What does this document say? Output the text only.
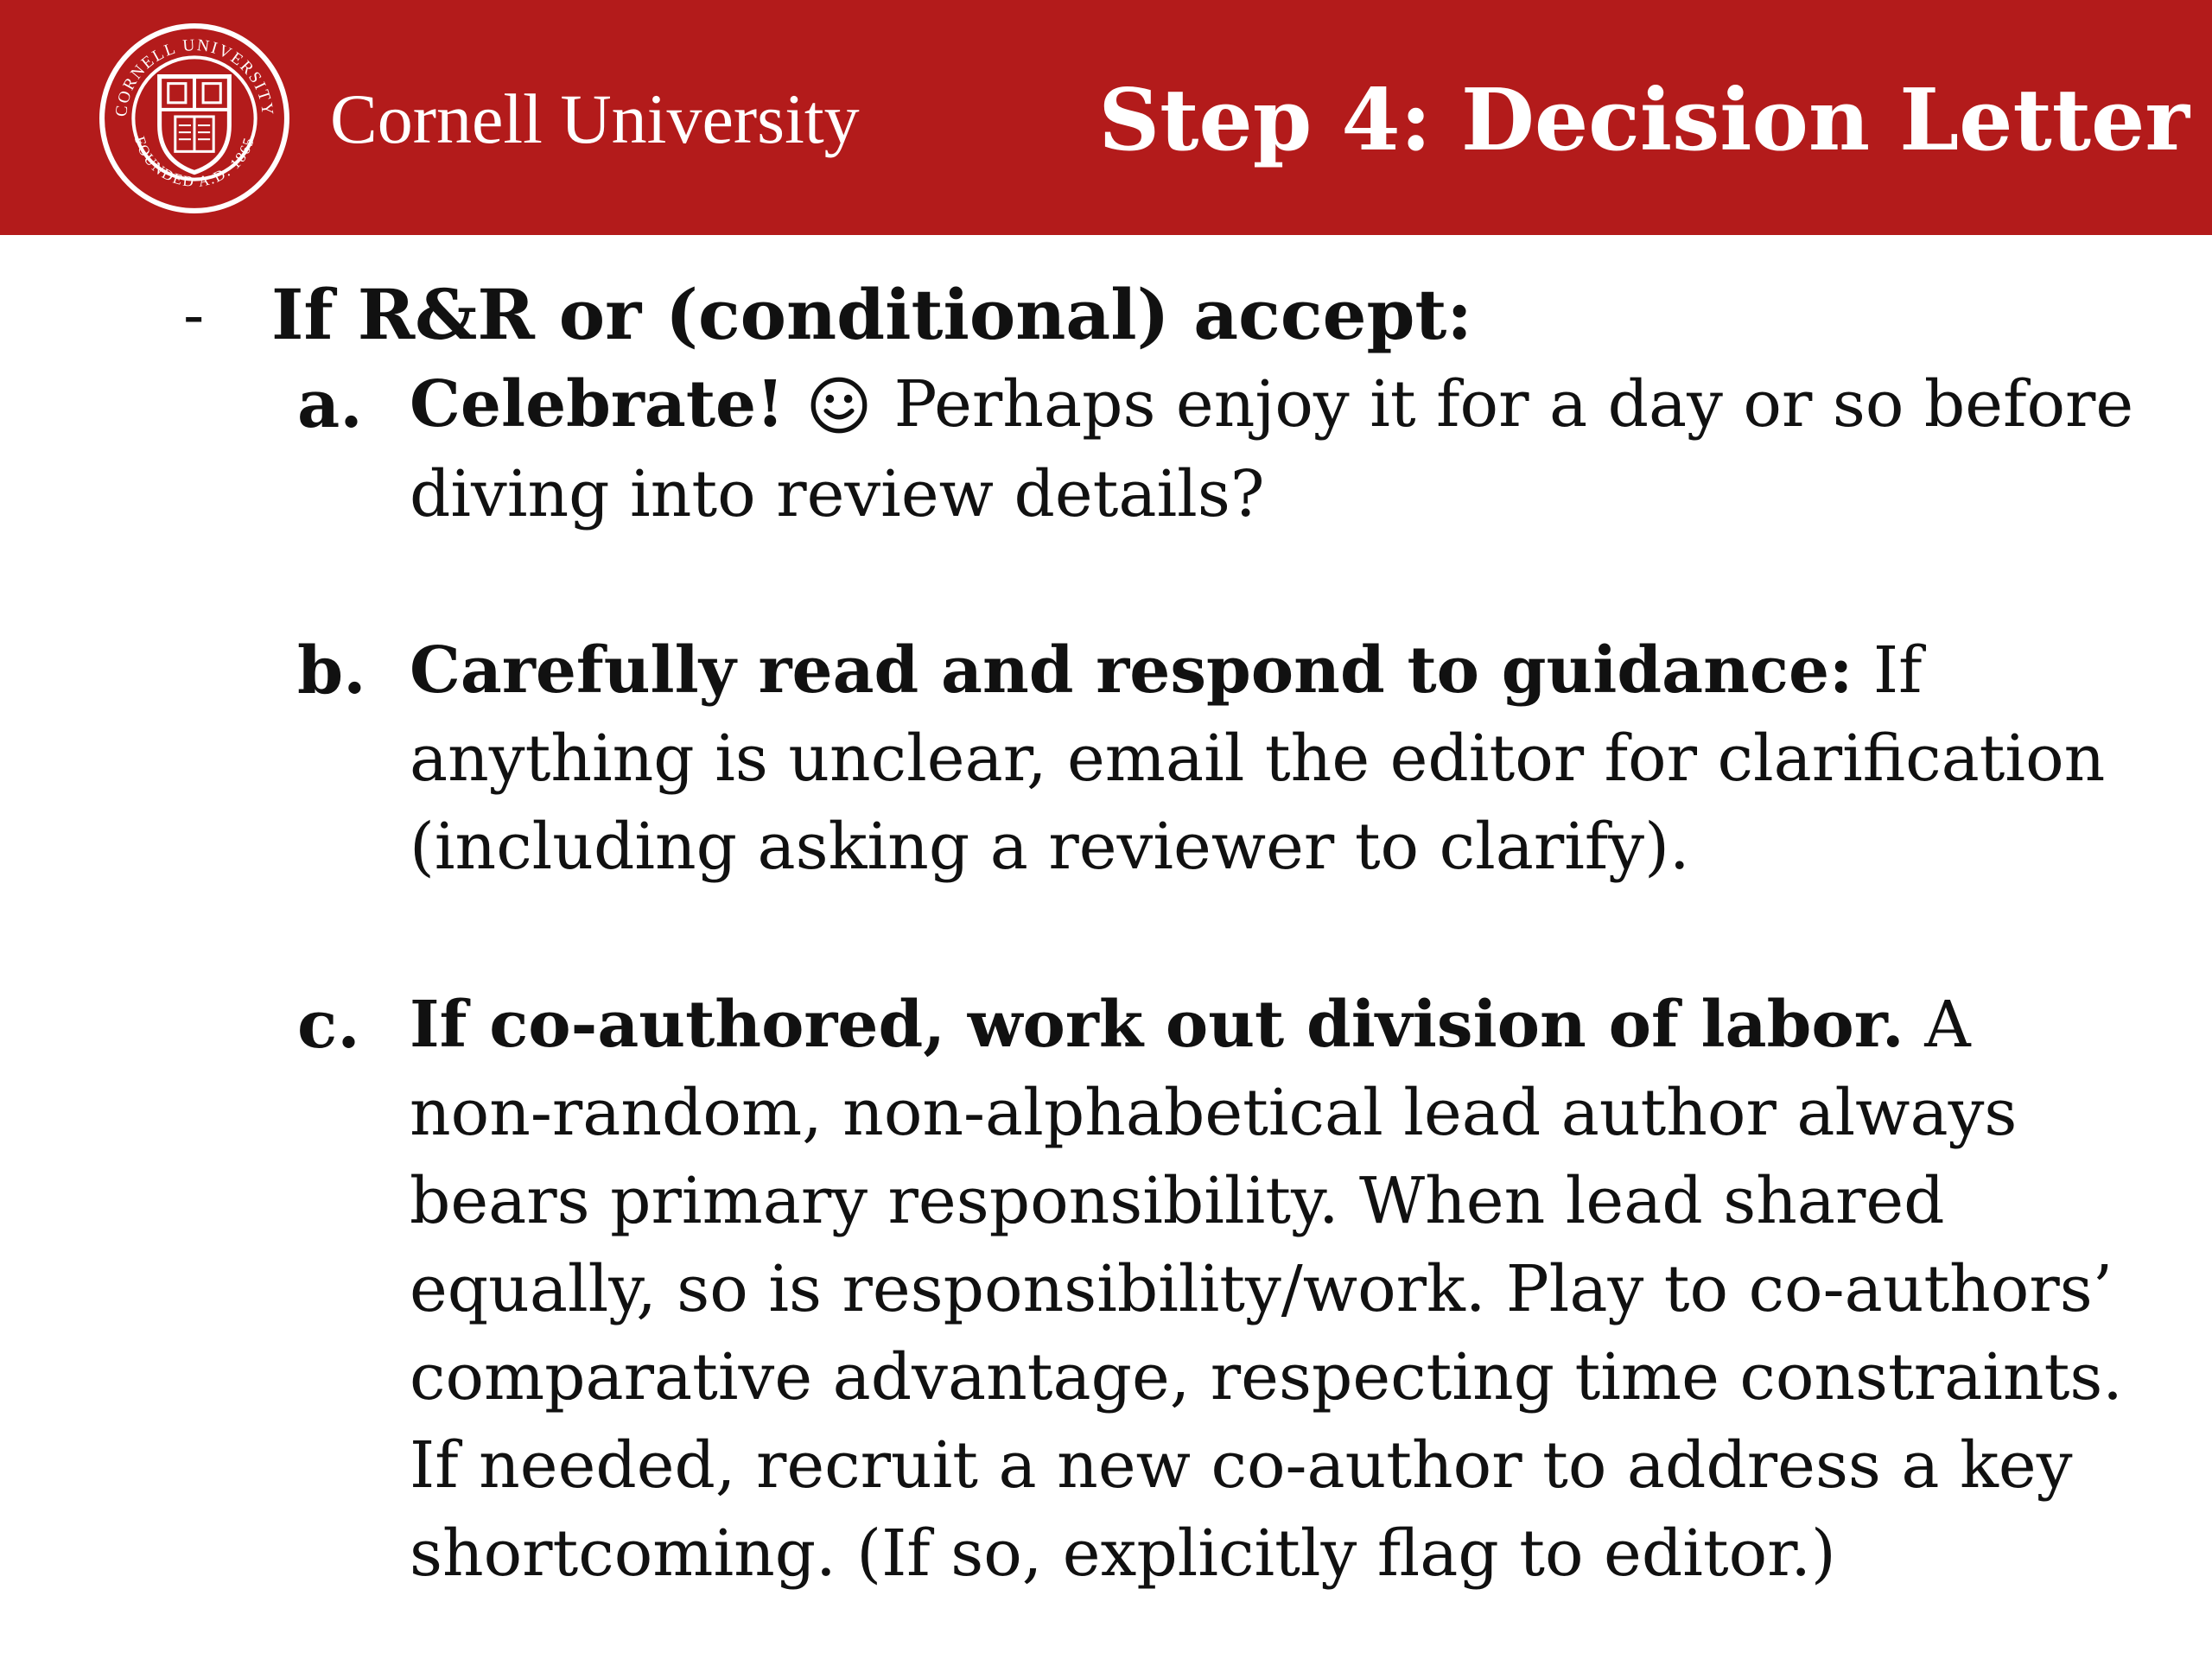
CORNELL UNIVERSITY
FOUNDED A.D. 1865 Cornell University	Step 4: Decision Letter
- If R&R or (conditional) accept:
a. Celebrate! Perhaps enjoy it for a day or so before
diving into review details?
b. Carefully read and respond to guidance: If
anything is unclear, email the editor for clarification
(including asking a reviewer to clarify).
c. If co-authored, work out division of labor. A
non-random, non-alphabetical lead author always
bears primary responsibility. When lead shared
equally, so is responsibility/work. Play to co-authors’
comparative advantage, respecting time constraints.
If needed, recruit a new co-author to address a key
shortcoming. (If so, explicitly flag to editor.)
